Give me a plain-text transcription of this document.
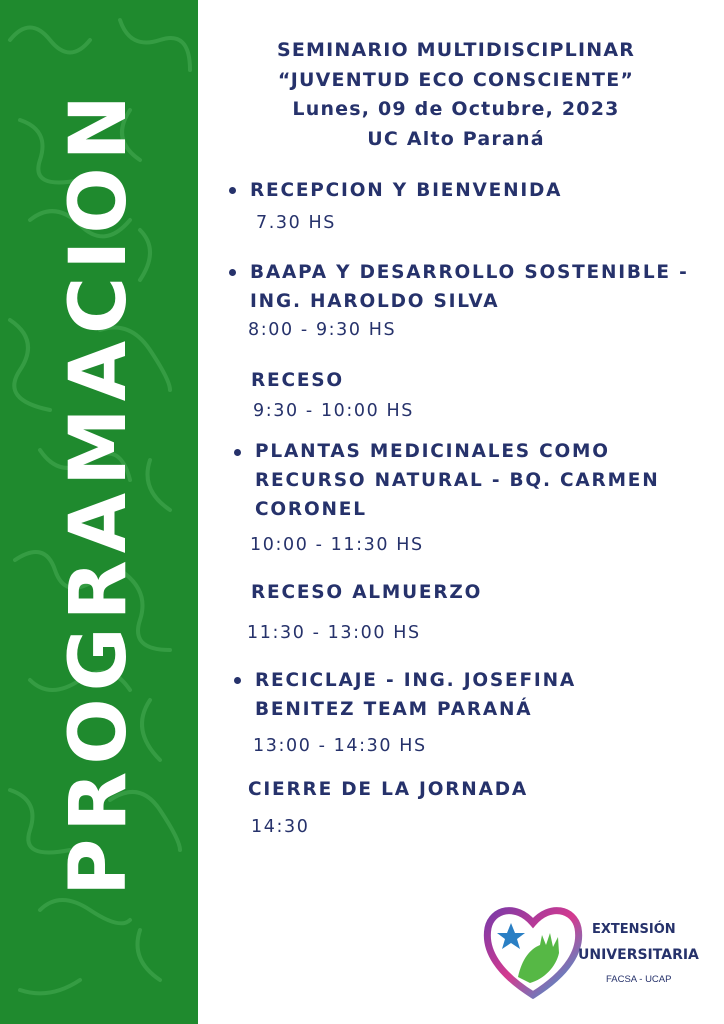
PROGRAMACION
SEMINARIO MULTIDISCIPLINAR
“JUVENTUD ECO CONSCIENTE”
Lunes, 09 de Octubre, 2023
UC Alto Paraná
RECEPCION Y BIENVENIDA
7.30 HS
BAAPA Y DESARROLLO SOSTENIBLE -
ING. HAROLDO SILVA
8:00 - 9:30 HS
RECESO
9:30 - 10:00 HS
PLANTAS MEDICINALES COMO
RECURSO NATURAL - BQ. CARMEN
CORONEL
10:00 - 11:30 HS
RECESO ALMUERZO
11:30 - 13:00 HS
RECICLAJE - ING. JOSEFINA
BENITEZ TEAM PARANÁ
13:00 - 14:30 HS
CIERRE DE LA JORNADA
14:30
EXTENSIÓN
UNIVERSITARIA
FACSA - UCAP
